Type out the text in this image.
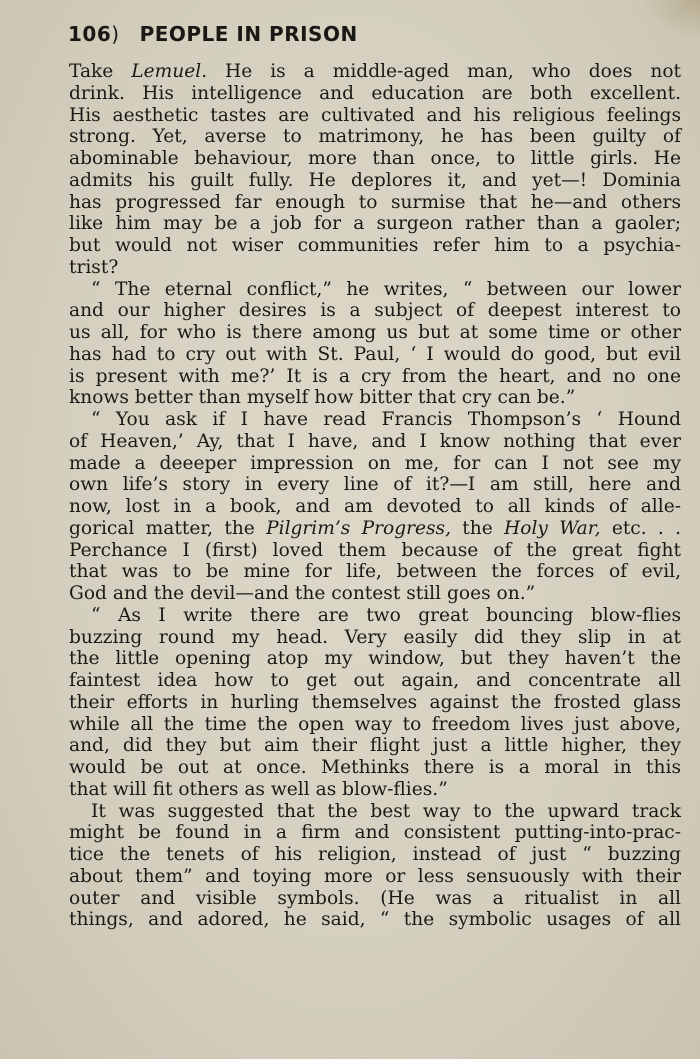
106) PEOPLE IN PRISON
Take Lemuel. He is a middle-aged man, who does not
drink. His intelligence and education are both excellent.
His aesthetic tastes are cultivated and his religious feelings
strong. Yet, averse to matrimony, he has been guilty of
abominable behaviour, more than once, to little girls. He
admits his guilt fully. He deplores it, and yet—! Dominia
has progressed far enough to surmise that he—and others
like him may be a job for a surgeon rather than a gaoler;
but would not wiser communities refer him to a psychia-
trist?
“ The eternal conflict,” he writes, “ between our lower
and our higher desires is a subject of deepest interest to
us all, for who is there among us but at some time or other
has had to cry out with St. Paul, ‘ I would do good, but evil
is present with me?’ It is a cry from the heart, and no one
knows better than myself how bitter that cry can be.”
“ You ask if I have read Francis Thompson’s ‘ Hound
of Heaven,’ Ay, that I have, and I know nothing that ever
made a deeeper impression on me, for can I not see my
own life’s story in every line of it?—I am still, here and
now, lost in a book, and am devoted to all kinds of alle-
gorical matter, the Pilgrim’s Progress, the Holy War, etc. . .
Perchance I (first) loved them because of the great fight
that was to be mine for life, between the forces of evil,
God and the devil—and the contest still goes on.”
“ As I write there are two great bouncing blow-flies
buzzing round my head. Very easily did they slip in at
the little opening atop my window, but they haven’t the
faintest idea how to get out again, and concentrate all
their efforts in hurling themselves against the frosted glass
while all the time the open way to freedom lives just above,
and, did they but aim their flight just a little higher, they
would be out at once. Methinks there is a moral in this
that will fit others as well as blow-flies.”
It was suggested that the best way to the upward track
might be found in a firm and consistent putting-into-prac-
tice the tenets of his religion, instead of just “ buzzing
about them” and toying more or less sensuously with their
outer and visible symbols. (He was a ritualist in all
things, and adored, he said, “ the symbolic usages of all
